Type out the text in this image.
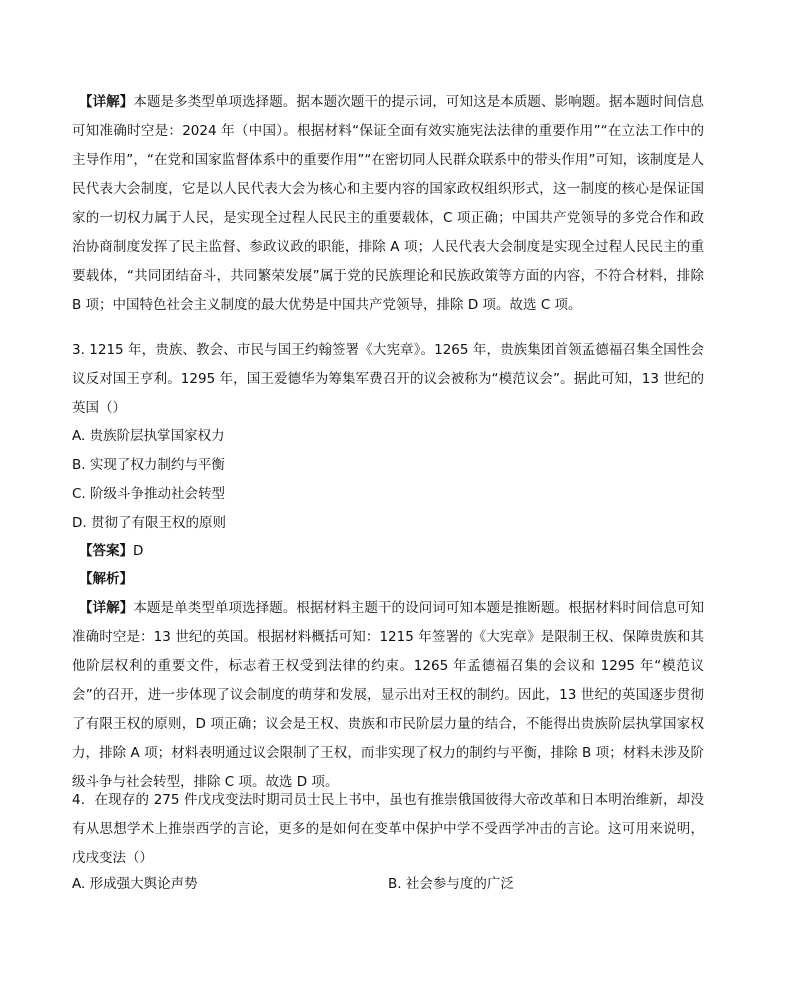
【详解】本题是多类型单项选择题。据本题次题干的提示词，可知这是本质题、影响题。据本题时间信息可知准确时空是：2024 年（中国）。根据材料“保证全面有效实施宪法法律的重要作用”“在立法工作中的主导作用”，“在党和国家监督体系中的重要作用”“在密切同人民群众联系中的带头作用”可知，该制度是人民代表大会制度，它是以人民代表大会为核心和主要内容的国家政权组织形式，这一制度的核心是保证国家的一切权力属于人民，是实现全过程人民民主的重要载体，C 项正确；中国共产党领导的多党合作和政治协商制度发挥了民主监督、参政议政的职能，排除 A 项；人民代表大会制度是实现全过程人民民主的重要载体，“共同团结奋斗，共同繁荣发展”属于党的民族理论和民族政策等方面的内容，不符合材料，排除 B 项；中国特色社会主义制度的最大优势是中国共产党领导，排除 D 项。故选 C 项。
3. 1215 年，贵族、教会、市民与国王约翰签署《大宪章》。1265 年，贵族集团首领孟德福召集全国性会议反对国王亨利。1295 年，国王爱德华为筹集军费召开的议会被称为“模范议会”。据此可知，13 世纪的英国（）
A. 贵族阶层执掌国家权力
B. 实现了权力制约与平衡
C. 阶级斗争推动社会转型
D. 贯彻了有限王权的原则
【答案】D
【解析】
【详解】本题是单类型单项选择题。根据材料主题干的设问词可知本题是推断题。根据材料时间信息可知准确时空是：13 世纪的英国。根据材料概括可知：1215 年签署的《大宪章》是限制王权、保障贵族和其他阶层权利的重要文件，标志着王权受到法律的约束。1265 年孟德福召集的会议和 1295 年“模范议会”的召开，进一步体现了议会制度的萌芽和发展，显示出对王权的制约。因此，13 世纪的英国逐步贯彻了有限王权的原则，D 项正确；议会是王权、贵族和市民阶层力量的结合，不能得出贵族阶层执掌国家权力，排除 A 项；材料表明通过议会限制了王权，而非实现了权力的制约与平衡，排除 B 项；材料未涉及阶级斗争与社会转型，排除 C 项。故选 D 项。
4．在现存的 275 件戊戌变法时期司员士民上书中，虽也有推崇俄国彼得大帝改革和日本明治维新，却没有从思想学术上推崇西学的言论，更多的是如何在变革中保护中学不受西学冲击的言论。这可用来说明，戊戌变法（）
A. 形成强大舆论声势	B. 社会参与度的广泛
